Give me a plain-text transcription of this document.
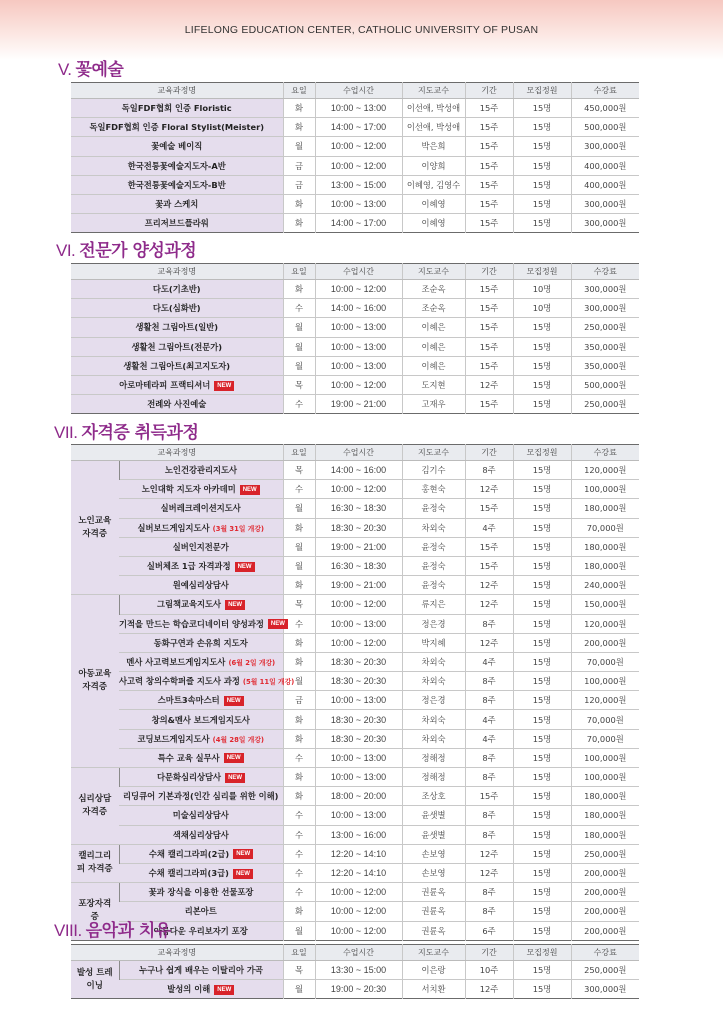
LIFELONG EDUCATION CENTER, CATHOLIC UNIVERSITY OF PUSAN
V. 꽃예술
교육과정명	요일	수업시간	지도교수	기간	모집정원	수강료
독일FDF협회 인증 Floristic	화	10:00 ~ 13:00	이선애, 박성애	15주	15명	450,000원
독일FDF협회 인증 Floral Stylist(Meister)	화	14:00 ~ 17:00	이선애, 박성애	15주	15명	500,000원
꽃예술 베이직	월	10:00 ~ 12:00	박은희	15주	15명	300,000원
한국전통꽃예술지도자-A반	금	10:00 ~ 12:00	이양희	15주	15명	400,000원
한국전통꽃예술지도자-B반	금	13:00 ~ 15:00	이혜영, 김영수	15주	15명	400,000원
꽃과 스케치	화	10:00 ~ 13:00	이혜영	15주	15명	300,000원
프리저브드플라워	화	14:00 ~ 17:00	이혜영	15주	15명	300,000원
VI. 전문가 양성과정
교육과정명	요일	수업시간	지도교수	기간	모집정원	수강료
다도(기초반)	화	10:00 ~ 12:00	조순옥	15주	10명	300,000원
다도(심화반)	수	14:00 ~ 16:00	조순옥	15주	10명	300,000원
생활천 그림아트(일반)	월	10:00 ~ 13:00	이혜은	15주	15명	250,000원
생활천 그림아트(전문가)	월	10:00 ~ 13:00	이혜은	15주	15명	350,000원
생활천 그림아트(최고지도자)	월	10:00 ~ 13:00	이혜은	15주	15명	350,000원
아로마테라피 프랙티셔너 NEW	목	10:00 ~ 12:00	도지현	12주	15명	500,000원
전례와 사진예술	수	19:00 ~ 21:00	고재우	15주	15명	250,000원
VII. 자격증 취득과정
교육과정명		요일	수업시간	지도교수	기간	모집정원	수강료
노인교육 자격증	노인건강관리지도사	목	14:00 ~ 16:00	김기수	8주	15명	120,000원
	노인대학 지도자 아카데미 NEW	수	10:00 ~ 12:00	홍현숙	12주	15명	100,000원
	실버레크레이션지도사	월	16:30 ~ 18:30	윤정숙	15주	15명	180,000원
	실버보드게임지도사 (3월 31일 개강)	화	18:30 ~ 20:30	차외숙	4주	15명	70,000원
	실버인지전문가	월	19:00 ~ 21:00	윤정숙	15주	15명	180,000원
	실버체조 1급 자격과정 NEW	월	16:30 ~ 18:30	윤정숙	15주	15명	180,000원
	원예심리상담사	화	19:00 ~ 21:00	윤정숙	12주	15명	240,000원
아동교육 자격증	그림책교육지도사 NEW	목	10:00 ~ 12:00	류지은	12주	15명	150,000원
	기적을 만드는 학습코디네이터 양성과정 NEW	수	10:00 ~ 13:00	정은경	8주	15명	120,000원
	동화구연과 손유희 지도자	화	10:00 ~ 12:00	박지혜	12주	15명	200,000원
	멘사 사고력보드게임지도사 (6월 2일 개강)	화	18:30 ~ 20:30	차외숙	4주	15명	70,000원
	사고력 창의수학퍼즐 지도사 과정 (5월 11일 개강)	월	18:30 ~ 20:30	차외숙	8주	15명	100,000원
	스마트3속마스터 NEW	금	10:00 ~ 13:00	정은경	8주	15명	120,000원
	창의&멘사 보드게임지도사	화	18:30 ~ 20:30	차외숙	4주	15명	70,000원
	코딩보드게임지도사 (4월 28일 개강)	화	18:30 ~ 20:30	차외숙	4주	15명	70,000원
	특수 교육 실무사 NEW	수	10:00 ~ 13:00	정해정	8주	15명	100,000원
심리상담 자격증	다문화심리상담사 NEW	화	10:00 ~ 13:00	정해정	8주	15명	100,000원
	리딩큐어 기본과정(인간 심리를 위한 이해)	화	18:00 ~ 20:00	조상호	15주	15명	180,000원
	미술심리상담사	수	10:00 ~ 13:00	윤샛별	8주	15명	180,000원
	색채심리상담사	수	13:00 ~ 16:00	윤샛별	8주	15명	180,000원
캘리그리피 자격증	수채 캘리그라피(2급) NEW	수	12:20 ~ 14:10	손보영	12주	15명	250,000원
	수채 캘리그라피(3급) NEW	수	12:20 ~ 14:10	손보영	12주	15명	200,000원
포장자격증	꽃과 장식을 이용한 선물포장	수	10:00 ~ 12:00	권륜옥	8주	15명	200,000원
	리본아트	화	10:00 ~ 12:00	권륜옥	8주	15명	200,000원
	아름다운 우리보자기 포장	월	10:00 ~ 12:00	권륜옥	6주	15명	200,000원
VIII. 음악과 치유
교육과정명		요일	수업시간	지도교수	기간	모집정원	수강료
발성 트레이닝	누구나 쉽게 배우는 이탈리아 가곡	목	13:30 ~ 15:00	이은랑	10주	15명	250,000원
	발성의 이해 NEW	월	19:00 ~ 20:30	서치환	12주	15명	300,000원
